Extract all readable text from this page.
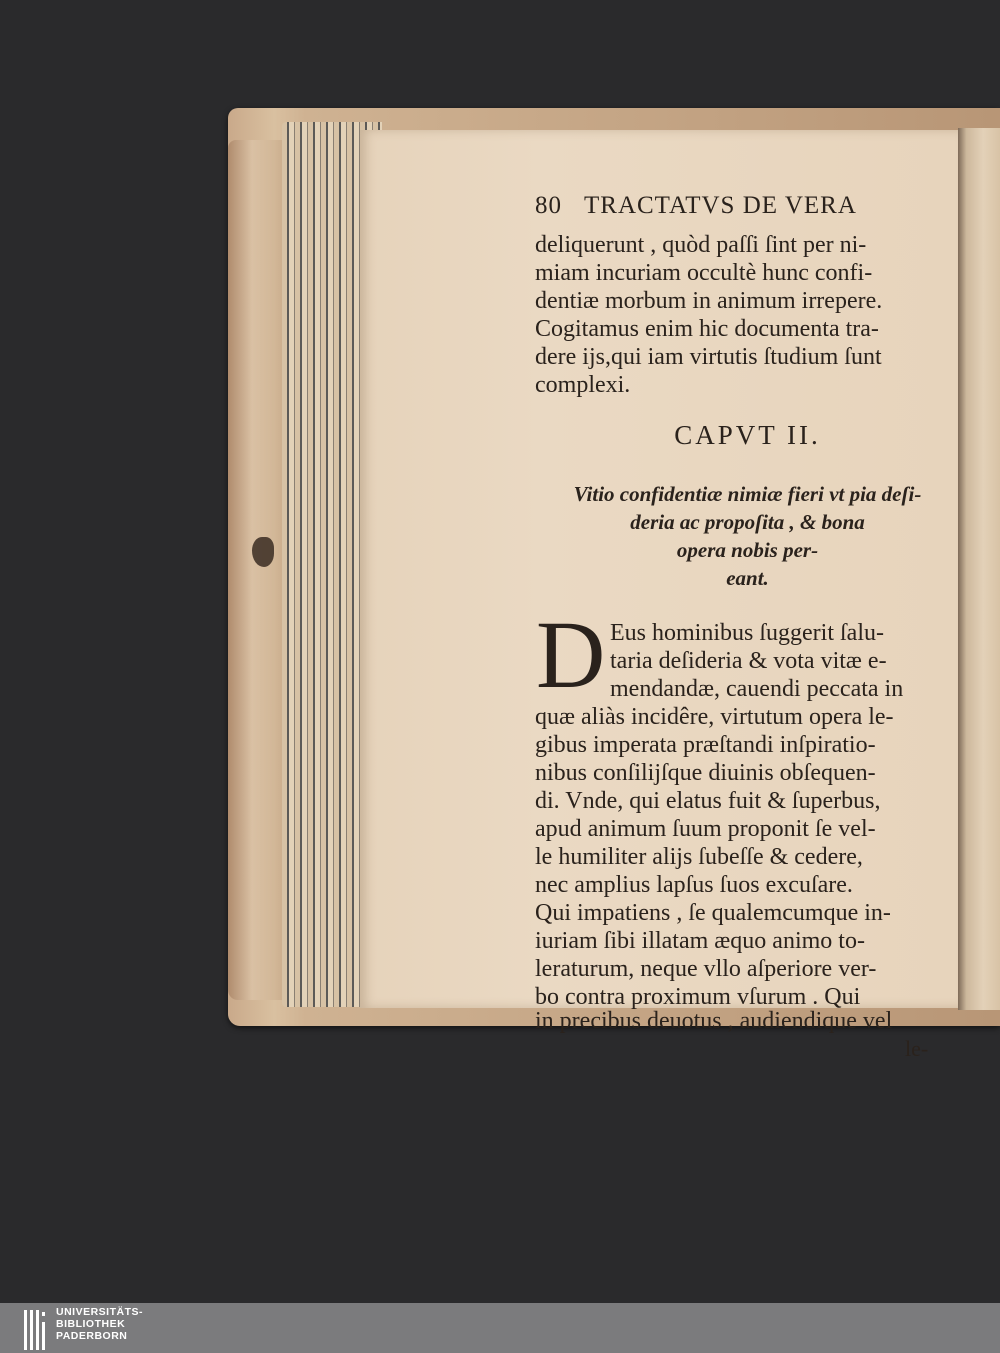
80 TRACTATVS DE VERA
deliquerunt , quòd paſſi ſint per ni-
miam incuriam occultè hunc confi-
dentiæ morbum in animum irrepere.
Cogitamus enim hic documenta tra-
dere ijs,qui iam virtutis ſtudium ſunt
complexi.
CAPVT II.
Vitio confidentiæ nimiæ fieri vt pia deſi-
deria ac propoſita , & bona
opera nobis per-
eant.
D Eus hominibus ſuggerit ſalu-
taria deſideria & vota vitæ e-
mendandæ, cauendi peccata in
quæ aliàs incidêre, virtutum opera le-
gibus imperata præſtandi inſpiratio-
nibus conſilijſque diuinis obſequen-
di. Vnde, qui elatus fuit & ſuperbus,
apud animum ſuum proponit ſe vel-
le humiliter alijs ſubeſſe & cedere,
nec amplius lapſus ſuos excuſare.
Qui impatiens , ſe qualemcumque in-
iuriam ſibi illatam æquo animo to-
leraturum, neque vllo aſperiore ver-
bo contra proximum vſurum . Qui
in precibus deuotus , audiendique vel
le-
UNIVERSITÄTS-
BIBLIOTHEK
PADERBORN
